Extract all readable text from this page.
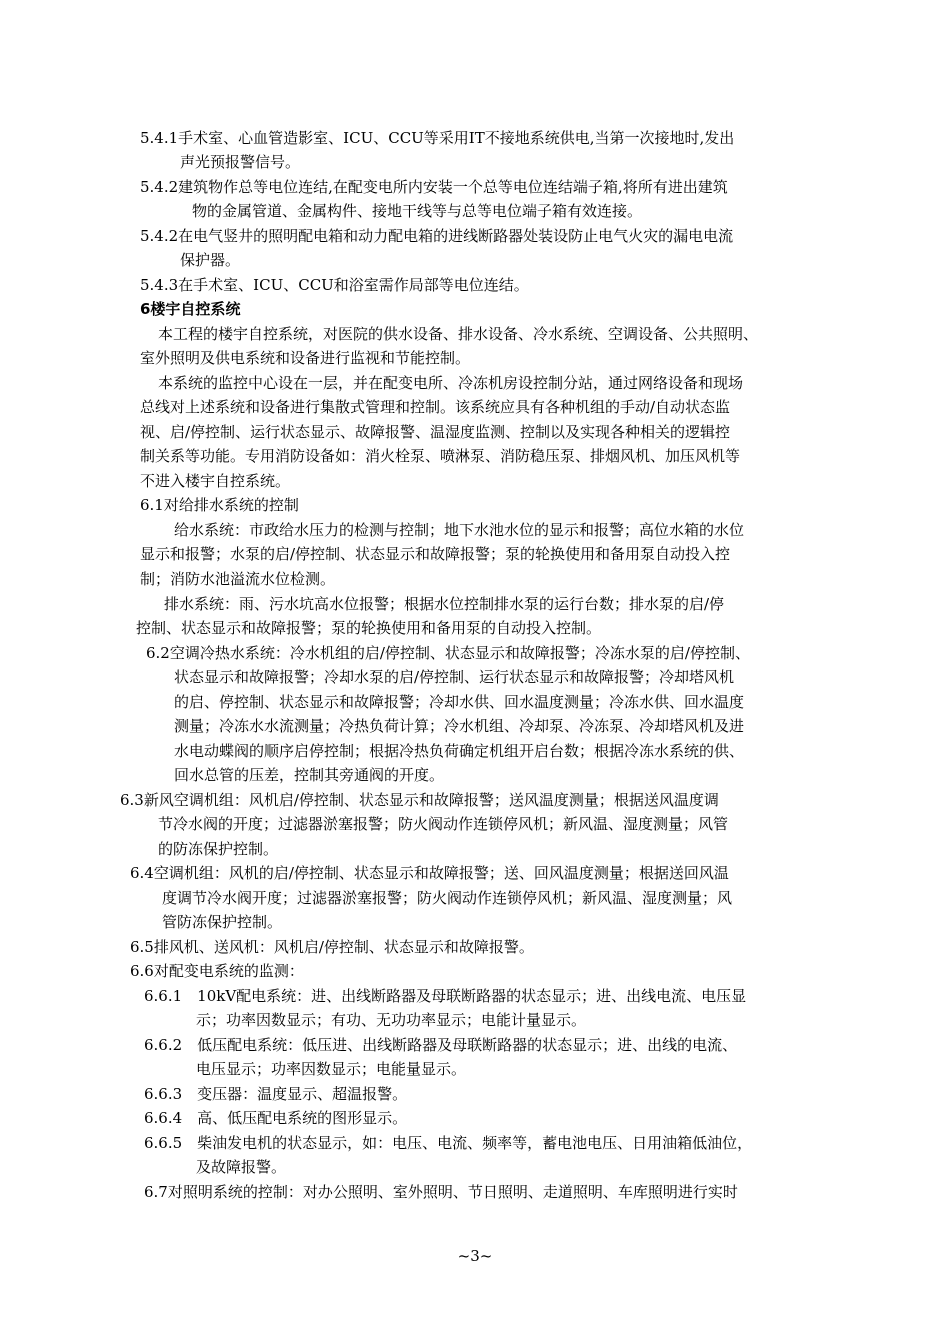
5.4.1手术室、心血管造影室、ICU、CCU等采用IT不接地系统供电,当第一次接地时,发出
声光预报警信号。
5.4.2建筑物作总等电位连结,在配变电所内安装一个总等电位连结端子箱,将所有进出建筑
物的金属管道、金属构件、接地干线等与总等电位端子箱有效连接。
5.4.2在电气竖井的照明配电箱和动力配电箱的进线断路器处装设防止电气火灾的漏电电流
保护器。
5.4.3在手术室、ICU、CCU和浴室需作局部等电位连结。
6楼宇自控系统
本工程的楼宇自控系统，对医院的供水设备、排水设备、冷水系统、空调设备、公共照明、
室外照明及供电系统和设备进行监视和节能控制。
本系统的监控中心设在一层，并在配变电所、冷冻机房设控制分站，通过网络设备和现场
总线对上述系统和设备进行集散式管理和控制。该系统应具有各种机组的手动/自动状态监
视、启/停控制、运行状态显示、故障报警、温湿度监测、控制以及实现各种相关的逻辑控
制关系等功能。专用消防设备如：消火栓泵、喷淋泵、消防稳压泵、排烟风机、加压风机等
不进入楼宇自控系统。
6.1对给排水系统的控制
给水系统：市政给水压力的检测与控制；地下水池水位的显示和报警；高位水箱的水位
显示和报警；水泵的启/停控制、状态显示和故障报警；泵的轮换使用和备用泵自动投入控
制；消防水池溢流水位检测。
排水系统：雨、污水坑高水位报警；根据水位控制排水泵的运行台数；排水泵的启/停
控制、状态显示和故障报警；泵的轮换使用和备用泵的自动投入控制。
6.2空调冷热水系统：冷水机组的启/停控制、状态显示和故障报警；冷冻水泵的启/停控制、
状态显示和故障报警；冷却水泵的启/停控制、运行状态显示和故障报警；冷却塔风机
的启、停控制、状态显示和故障报警；冷却水供、回水温度测量；冷冻水供、回水温度
测量；冷冻水水流测量；冷热负荷计算；冷水机组、冷却泵、冷冻泵、冷却塔风机及进
水电动蝶阀的顺序启停控制；根据冷热负荷确定机组开启台数；根据冷冻水系统的供、
回水总管的压差，控制其旁通阀的开度。
6.3新风空调机组：风机启/停控制、状态显示和故障报警；送风温度测量；根据送风温度调
节冷水阀的开度；过滤器淤塞报警；防火阀动作连锁停风机；新风温、湿度测量；风管
的防冻保护控制。
6.4空调机组：风机的启/停控制、状态显示和故障报警；送、回风温度测量；根据送回风温
度调节冷水阀开度；过滤器淤塞报警；防火阀动作连锁停风机；新风温、湿度测量；风
管防冻保护控制。
6.5排风机、送风机：风机启/停控制、状态显示和故障报警。
6.6对配变电系统的监测：
6.6.1　10kV配电系统：进、出线断路器及母联断路器的状态显示；进、出线电流、电压显
示；功率因数显示；有功、无功功率显示；电能计量显示。
6.6.2　低压配电系统：低压进、出线断路器及母联断路器的状态显示；进、出线的电流、
电压显示；功率因数显示；电能量显示。
6.6.3　变压器：温度显示、超温报警。
6.6.4　高、低压配电系统的图形显示。
6.6.5　柴油发电机的状态显示，如：电压、电流、频率等，蓄电池电压、日用油箱低油位，
及故障报警。
6.7对照明系统的控制：对办公照明、室外照明、节日照明、走道照明、车库照明进行实时
~3~
